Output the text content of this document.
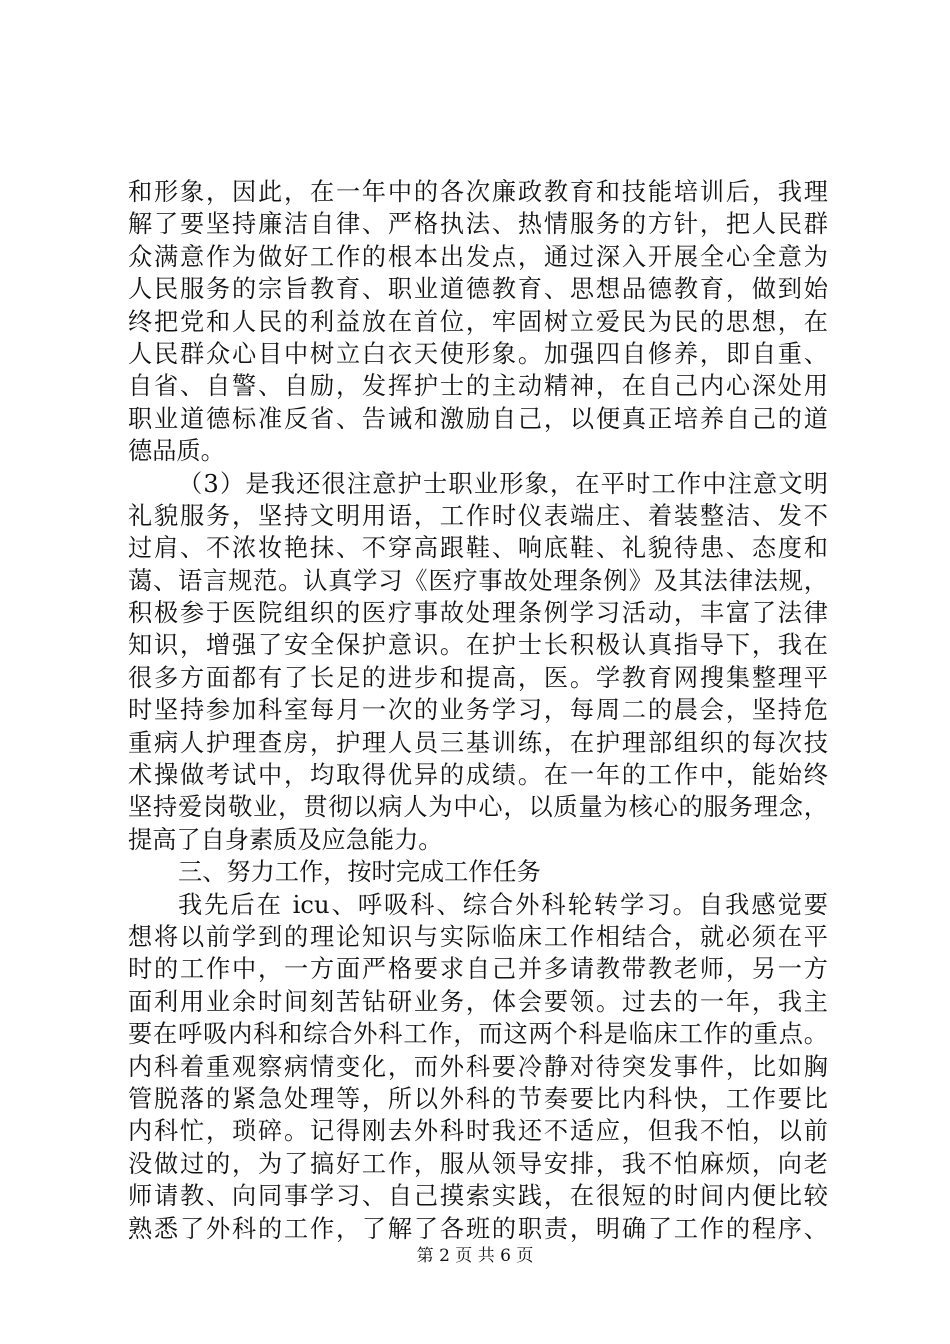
和形象，因此，在一年中的各次廉政教育和技能培训后，我理
解了要坚持廉洁自律、严格执法、热情服务的方针，把人民群
众满意作为做好工作的根本出发点，通过深入开展全心全意为
人民服务的宗旨教育、职业道德教育、思想品德教育，做到始
终把党和人民的利益放在首位，牢固树立爱民为民的思想，在
人民群众心目中树立白衣天使形象。加强四自修养，即自重、
自省、自警、自励，发挥护士的主动精神，在自己内心深处用
职业道德标准反省、告诫和激励自己，以便真正培养自己的道
德品质。
（3）是我还很注意护士职业形象，在平时工作中注意文明
礼貌服务，坚持文明用语，工作时仪表端庄、着装整洁、发不
过肩、不浓妆艳抹、不穿高跟鞋、响底鞋、礼貌待患、态度和
蔼、语言规范。认真学习《医疗事故处理条例》及其法律法规，
积极参于医院组织的医疗事故处理条例学习活动，丰富了法律
知识，增强了安全保护意识。在护士长积极认真指导下，我在
很多方面都有了长足的进步和提高，医。学教育网搜集整理平
时坚持参加科室每月一次的业务学习，每周二的晨会，坚持危
重病人护理查房，护理人员三基训练，在护理部组织的每次技
术操做考试中，均取得优异的成绩。在一年的工作中，能始终
坚持爱岗敬业，贯彻以病人为中心，以质量为核心的服务理念，
提高了自身素质及应急能力。
三、努力工作，按时完成工作任务
我先后在 icu、呼吸科、综合外科轮转学习。自我感觉要
想将以前学到的理论知识与实际临床工作相结合，就必须在平
时的工作中，一方面严格要求自己并多请教带教老师，另一方
面利用业余时间刻苦钻研业务，体会要领。过去的一年，我主
要在呼吸内科和综合外科工作，而这两个科是临床工作的重点。
内科着重观察病情变化，而外科要冷静对待突发事件，比如胸
管脱落的紧急处理等，所以外科的节奏要比内科快，工作要比
内科忙，琐碎。记得刚去外科时我还不适应，但我不怕，以前
没做过的，为了搞好工作，服从领导安排，我不怕麻烦，向老
师请教、向同事学习、自己摸索实践，在很短的时间内便比较
熟悉了外科的工作，了解了各班的职责，明确了工作的程序、
第 2 页 共 6 页
